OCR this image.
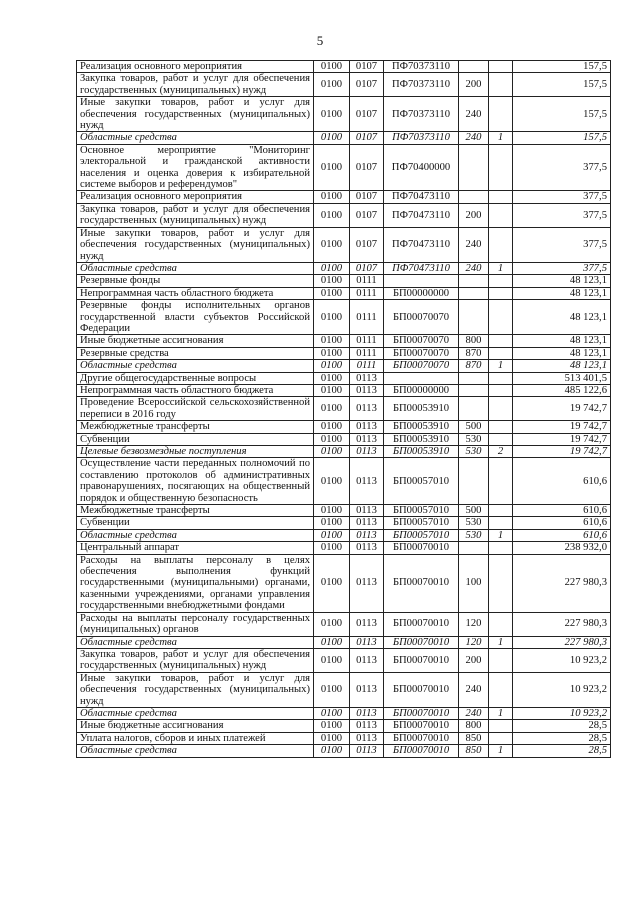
5
Реализация основного мероприятия	0100	0107	ПФ70373110			157,5
Закупка товаров, работ и услуг для обеспечения государственных (муниципальных) нужд	0100	0107	ПФ70373110	200		157,5
Иные закупки товаров, работ и услуг для обеспечения государственных (муниципальных) нужд	0100	0107	ПФ70373110	240		157,5
Областные средства	0100	0107	ПФ70373110	240	1	157,5
Основное мероприятие "Мониторинг электоральной и гражданской активности населения и оценка доверия к избирательной системе выборов и референдумов"	0100	0107	ПФ70400000			377,5
Реализация основного мероприятия	0100	0107	ПФ70473110			377,5
Закупка товаров, работ и услуг для обеспечения государственных (муниципальных) нужд	0100	0107	ПФ70473110	200		377,5
Иные закупки товаров, работ и услуг для обеспечения государственных (муниципальных) нужд	0100	0107	ПФ70473110	240		377,5
Областные средства	0100	0107	ПФ70473110	240	1	377,5
Резервные фонды	0100	0111				48 123,1
Непрограммная часть областного бюджета	0100	0111	БП00000000			48 123,1
Резервные фонды исполнительных органов государственной власти субъектов Российской Федерации	0100	0111	БП00070070			48 123,1
Иные бюджетные ассигнования	0100	0111	БП00070070	800		48 123,1
Резервные средства	0100	0111	БП00070070	870		48 123,1
Областные средства	0100	0111	БП00070070	870	1	48 123,1
Другие общегосударственные вопросы	0100	0113				513 401,5
Непрограммная часть областного бюджета	0100	0113	БП00000000			485 122,6
Проведение Всероссийской сельскохозяйственной переписи в 2016 году	0100	0113	БП00053910			19 742,7
Межбюджетные трансферты	0100	0113	БП00053910	500		19 742,7
Субвенции	0100	0113	БП00053910	530		19 742,7
Целевые безвозмездные поступления	0100	0113	БП00053910	530	2	19 742,7
Осуществление части переданных полномочий по составлению протоколов об административных правонарушениях, посягающих на общественный порядок и общественную безопасность	0100	0113	БП00057010			610,6
Межбюджетные трансферты	0100	0113	БП00057010	500		610,6
Субвенции	0100	0113	БП00057010	530		610,6
Областные средства	0100	0113	БП00057010	530	1	610,6
Центральный аппарат	0100	0113	БП00070010			238 932,0
Расходы на выплаты персоналу в целях обеспечения выполнения функций государственными (муниципальными) органами, казенными учреждениями, органами управления государственными внебюджетными фондами	0100	0113	БП00070010	100		227 980,3
Расходы на выплаты персоналу государственных (муниципальных) органов	0100	0113	БП00070010	120		227 980,3
Областные средства	0100	0113	БП00070010	120	1	227 980,3
Закупка товаров, работ и услуг для обеспечения государственных (муниципальных) нужд	0100	0113	БП00070010	200		10 923,2
Иные закупки товаров, работ и услуг для обеспечения государственных (муниципальных) нужд	0100	0113	БП00070010	240		10 923,2
Областные средства	0100	0113	БП00070010	240	1	10 923,2
Иные бюджетные ассигнования	0100	0113	БП00070010	800		28,5
Уплата налогов, сборов и иных платежей	0100	0113	БП00070010	850		28,5
Областные средства	0100	0113	БП00070010	850	1	28,5
